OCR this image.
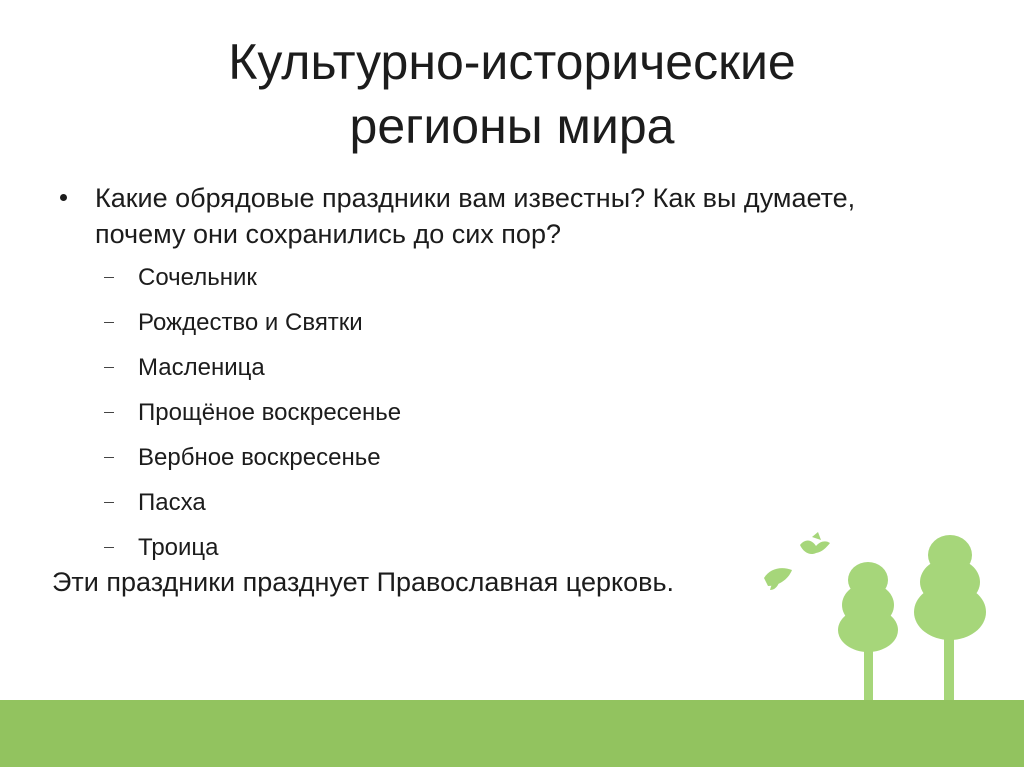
Культурно-исторические
регионы мира
Какие обрядовые праздники вам известны? Как вы думаете, почему они сохранились до сих пор?
Сочельник
Рождество и Святки
Масленица
Прощёное воскресенье
Вербное воскресенье
Пасха
Троица
Эти праздники празднует Православная церковь.
